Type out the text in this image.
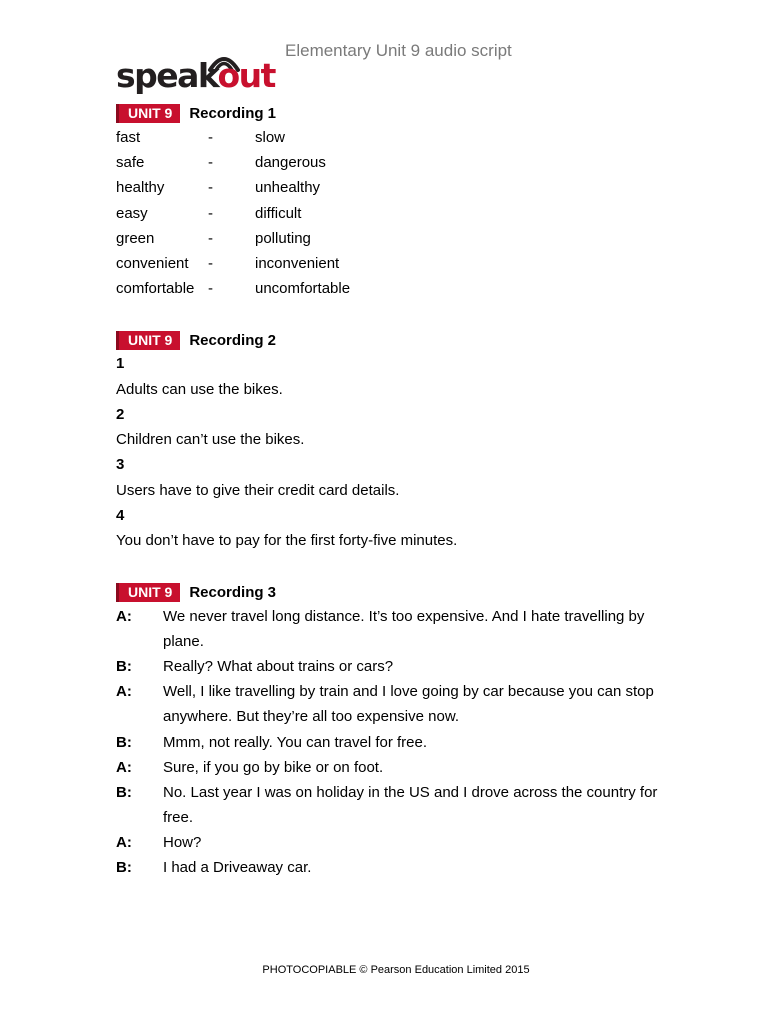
Elementary Unit 9 audio script
speakout
UNIT 9	Recording 1
fast	-	slow
safe	-	dangerous
healthy	-	unhealthy
easy	-	difficult
green	-	polluting
convenient -	inconvenient
comfortable -	uncomfortable
UNIT 9	Recording 2
1
Adults can use the bikes.
2
Children can’t use the bikes.
3
Users have to give their credit card details.
4
You don’t have to pay for the first forty-five minutes.
UNIT 9	Recording 3
A: We never travel long distance. It’s too expensive. And I hate travelling by plane.
B: Really? What about trains or cars?
A: Well, I like travelling by train and I love going by car because you can stop anywhere. But they’re all too expensive now.
B: Mmm, not really. You can travel for free.
A: Sure, if you go by bike or on foot.
B: No. Last year I was on holiday in the US and I drove across the country for free.
A: How?
B: I had a Driveaway car.
PHOTOCOPIABLE © Pearson Education Limited 2015
